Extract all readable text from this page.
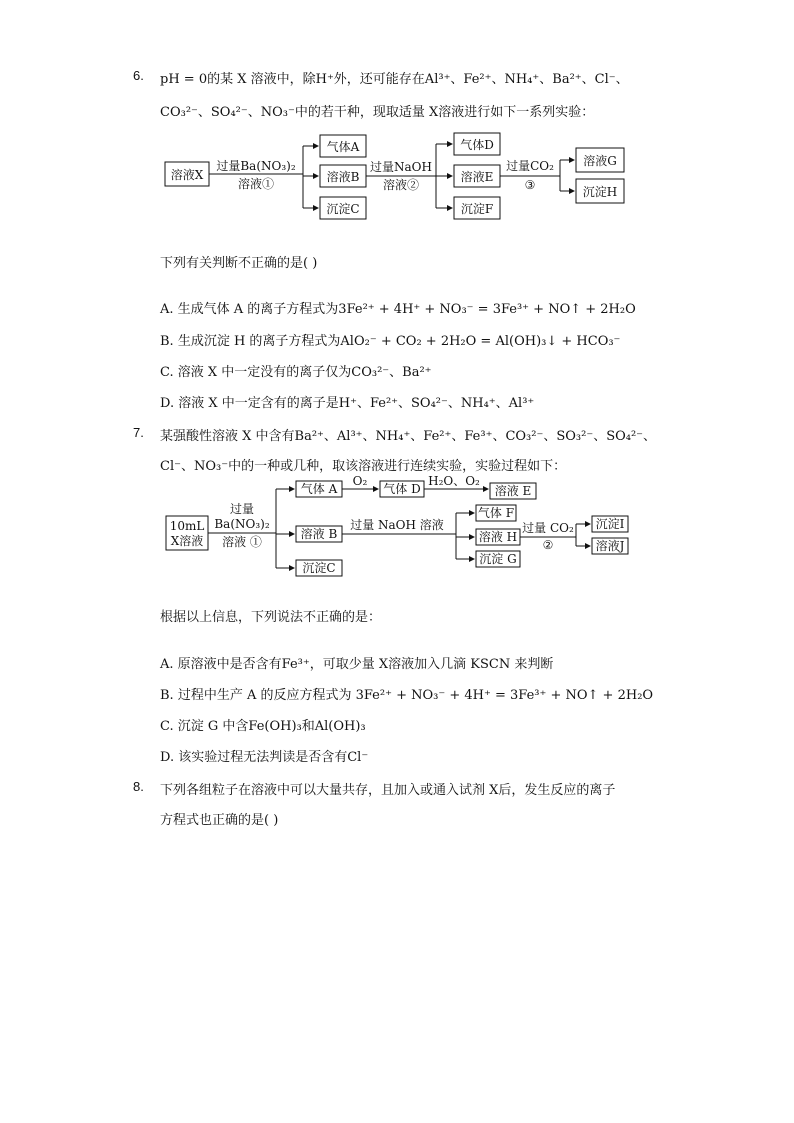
6. pH = 0的某 X 溶液中，除H⁺外，还可能存在Al³⁺、Fe²⁺、NH₄⁺、Ba²⁺、Cl⁻、
CO₃²⁻、SO₄²⁻、NO₃⁻中的若干种，现取适量 X溶液进行如下一系列实验：
溶液X
过量Ba(NO₃)₂
溶液①
气体A
溶液B
沉淀C
过量NaOH
溶液②
气体D
溶液E
沉淀F
过量CO₂
③
溶液G
沉淀H
下列有关判断不正确的是( )
A. 生成气体 A 的离子方程式为3Fe²⁺ + 4H⁺ + NO₃⁻ = 3Fe³⁺ + NO↑ + 2H₂O
B. 生成沉淀 H 的离子方程式为AlO₂⁻ + CO₂ + 2H₂O = Al(OH)₃↓ + HCO₃⁻
C. 溶液 X 中一定没有的离子仅为CO₃²⁻、Ba²⁺
D. 溶液 X 中一定含有的离子是H⁺、Fe²⁺、SO₄²⁻、NH₄⁺、Al³⁺
7. 某强酸性溶液 X 中含有Ba²⁺、Al³⁺、NH₄⁺、Fe²⁺、Fe³⁺、CO₃²⁻、SO₃²⁻、SO₄²⁻、
Cl⁻、NO₃⁻中的一种或几种，取该溶液进行连续实验，实验过程如下：
10mL
X溶液
过量
Ba(NO₃)₂
溶液 ①
气体 A
O₂
气体 D
H₂O、O₂
溶液 E
溶液 B
过量 NaOH 溶液
气体 F
溶液 H
沉淀 G
过量 CO₂
②
沉淀Ⅰ
溶液J
沉淀C
根据以上信息，下列说法不正确的是：
A. 原溶液中是否含有Fe³⁺，可取少量 X溶液加入几滴 KSCN 来判断
B. 过程中生产 A 的反应方程式为 3Fe²⁺ + NO₃⁻ + 4H⁺ = 3Fe³⁺ + NO↑ + 2H₂O
C. 沉淀 G 中含Fe(OH)₃和Al(OH)₃
D. 该实验过程无法判读是否含有Cl⁻
8. 下列各组粒子在溶液中可以大量共存，且加入或通入试剂 X后，发生反应的离子
方程式也正确的是( )
